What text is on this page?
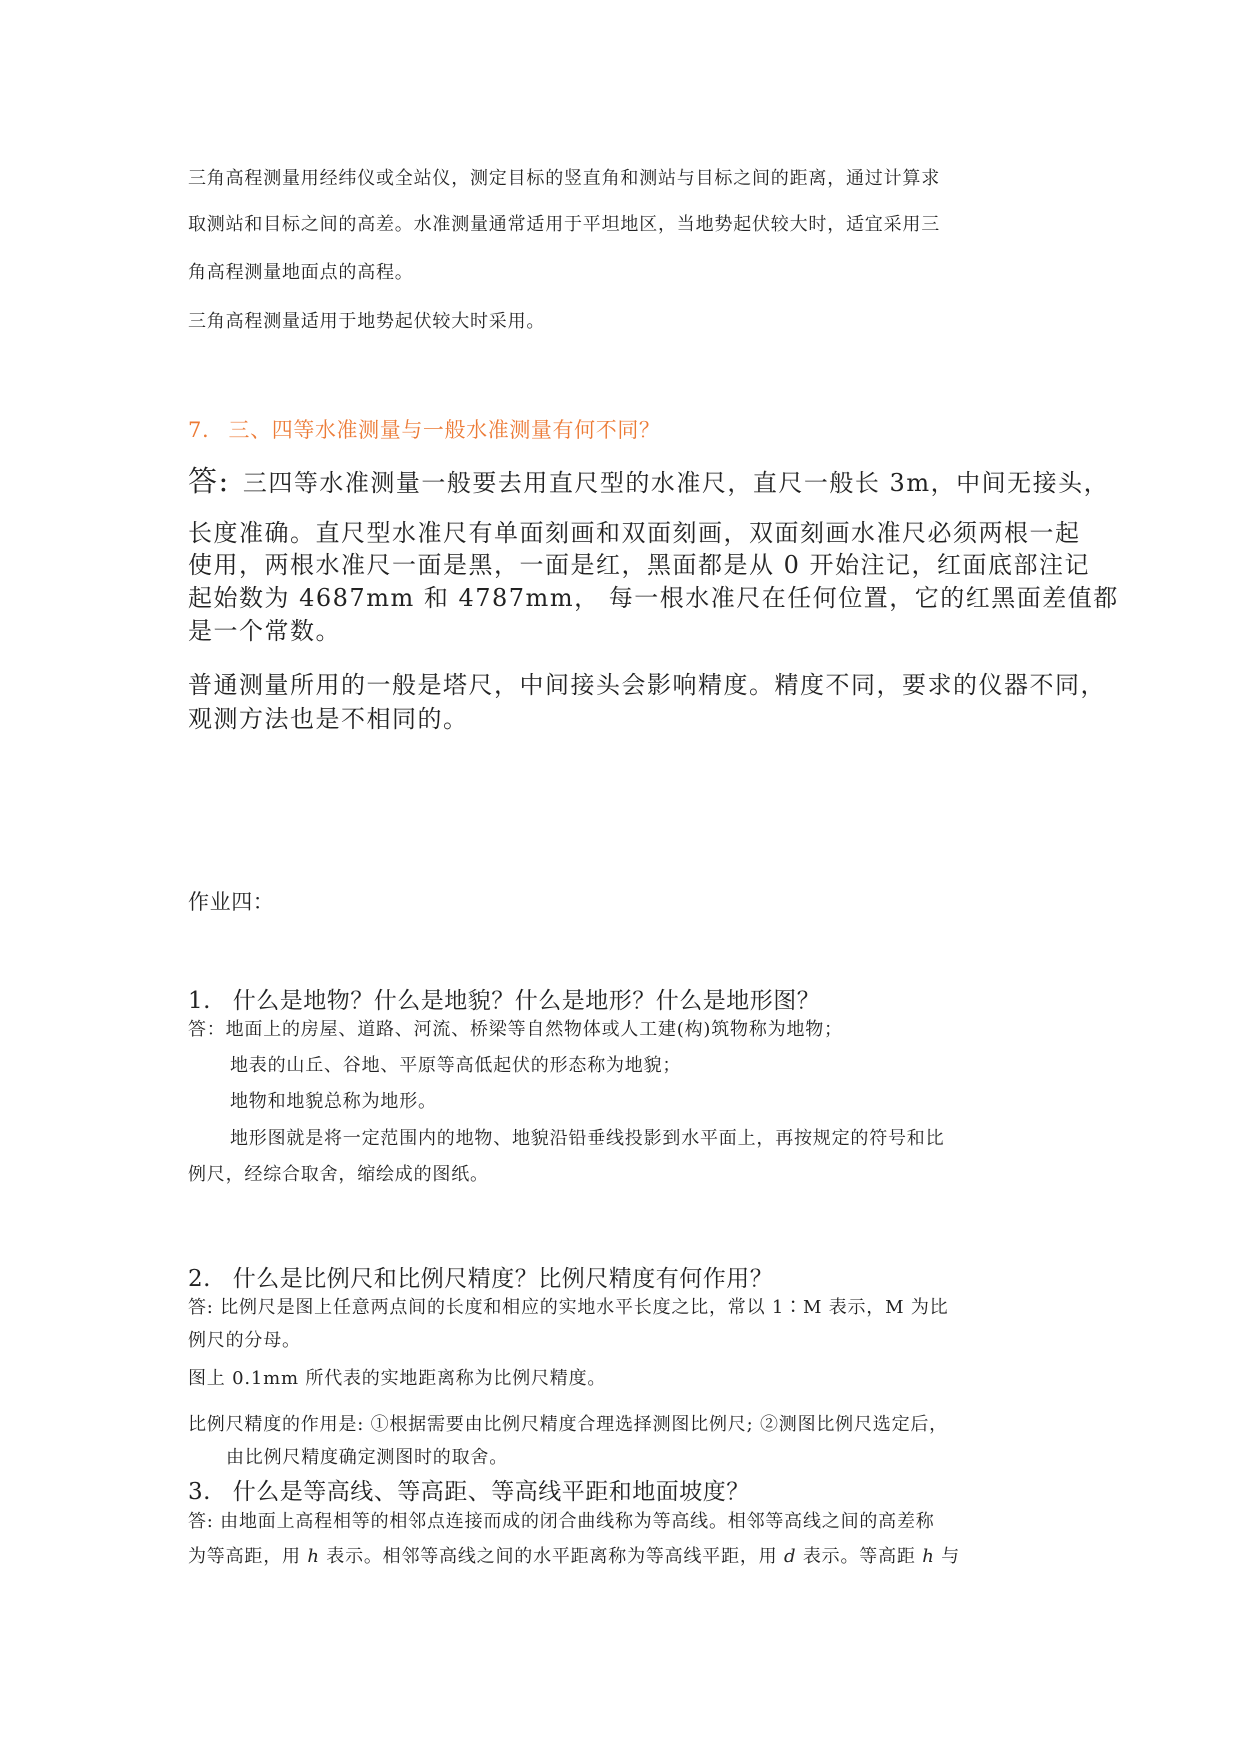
三角高程测量用经纬仪或全站仪，测定目标的竖直角和测站与目标之间的距离，通过计算求
取测站和目标之间的高差。水准测量通常适用于平坦地区，当地势起伏较大时，适宜采用三
角高程测量地面点的高程。
三角高程测量适用于地势起伏较大时采用。
7. 三、四等水准测量与一般水准测量有何不同？
答: 三四等水准测量一般要去用直尺型的水准尺，直尺一般长 3m，中间无接头，
长度准确。直尺型水准尺有单面刻画和双面刻画，双面刻画水准尺必须两根一起
使用，两根水准尺一面是黑，一面是红，黑面都是从 0 开始注记，红面底部注记
起始数为 4687mm 和 4787mm， 每一根水准尺在任何位置，它的红黑面差值都
是一个常数。
普通测量所用的一般是塔尺，中间接头会影响精度。精度不同，要求的仪器不同，
观测方法也是不相同的。
作业四：
1. 什么是地物？什么是地貌？什么是地形？什么是地形图？
答：地面上的房屋、道路、河流、桥梁等自然物体或人工建(构)筑物称为地物；
地表的山丘、谷地、平原等高低起伏的形态称为地貌；
地物和地貌总称为地形。
地形图就是将一定范围内的地物、地貌沿铅垂线投影到水平面上，再按规定的符号和比
例尺，经综合取舍，缩绘成的图纸。
2. 什么是比例尺和比例尺精度？比例尺精度有何作用？
答: 比例尺是图上任意两点间的长度和相应的实地水平长度之比，常以 1∶M 表示，M 为比
例尺的分母。
图上 0.1mm 所代表的实地距离称为比例尺精度。
比例尺精度的作用是: ①根据需要由比例尺精度合理选择测图比例尺; ②测图比例尺选定后，
由比例尺精度确定测图时的取舍。
3. 什么是等高线、等高距、等高线平距和地面坡度？
答: 由地面上高程相等的相邻点连接而成的闭合曲线称为等高线。相邻等高线之间的高差称
为等高距，用 h 表示。相邻等高线之间的水平距离称为等高线平距，用 d 表示。等高距 h 与
